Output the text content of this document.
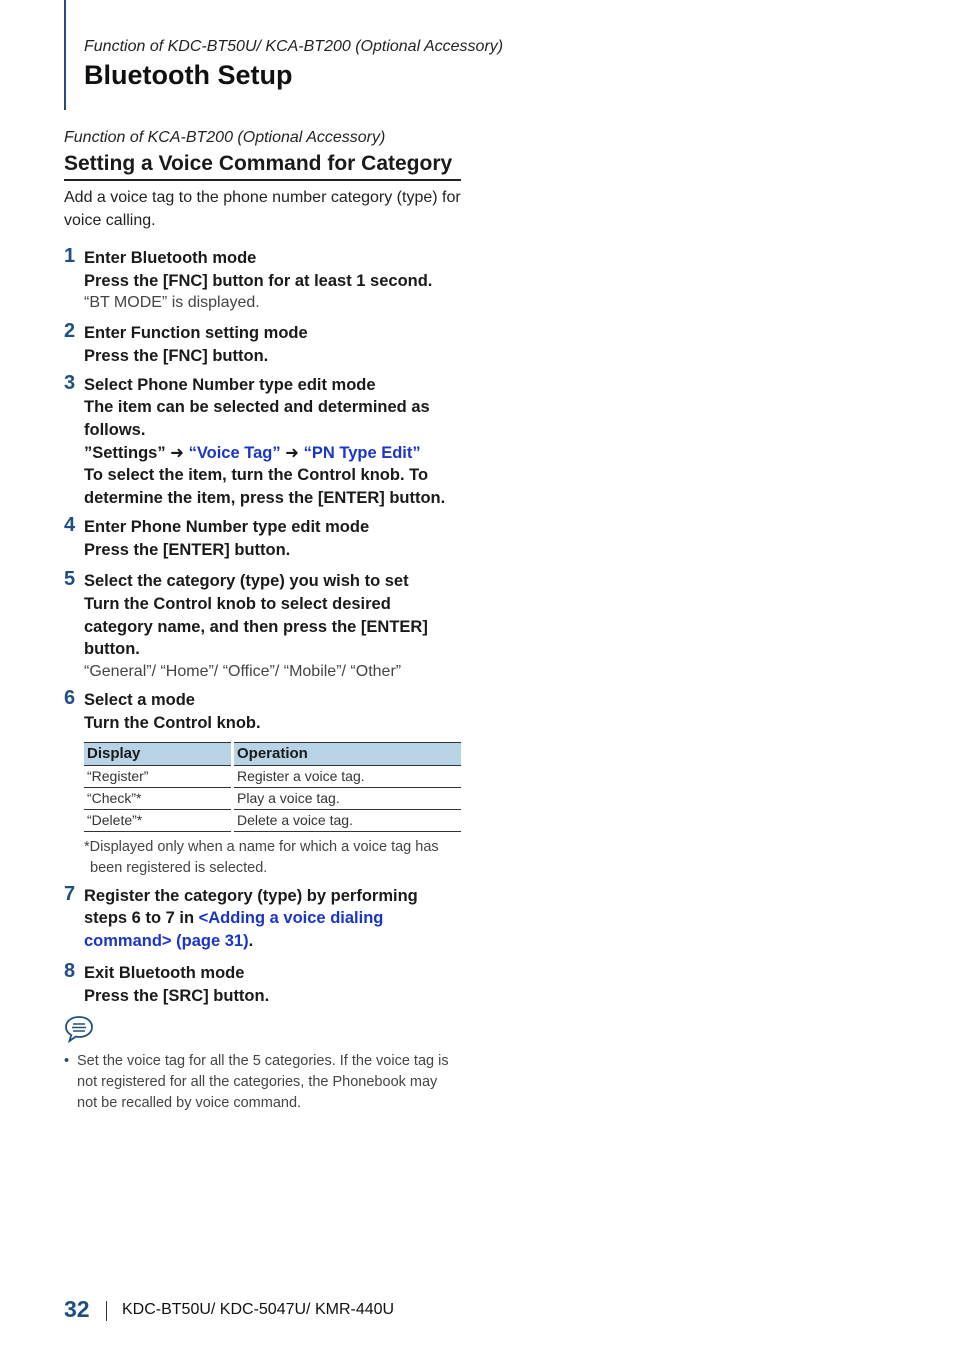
Function of KDC-BT50U/ KCA-BT200 (Optional Accessory)
Bluetooth Setup
Function of KCA-BT200 (Optional Accessory)
Setting a Voice Command for Category
Add a voice tag to the phone number category (type) for voice calling.
1 Enter Bluetooth mode
Press the [FNC] button for at least 1 second.
“BT MODE” is displayed.
2 Enter Function setting mode
Press the [FNC] button.
3 Select Phone Number type edit mode
The item can be selected and determined as follows.
”Settings” ➜ “Voice Tag” ➜ “PN Type Edit”
To select the item, turn the Control knob. To determine the item, press the [ENTER] button.
4 Enter Phone Number type edit mode
Press the [ENTER] button.
5 Select the category (type) you wish to set
Turn the Control knob to select desired category name, and then press the [ENTER] button.
“General”/ “Home”/ “Office”/ “Mobile”/ “Other”
6 Select a mode
Turn the Control knob.
Display	Operation
“Register”	Register a voice tag.
“Check”*	Play a voice tag.
“Delete”*	Delete a voice tag.
*Displayed only when a name for which a voice tag has been registered is selected.
7 Register the category (type) by performing steps 6 to 7 in <Adding a voice dialing command> (page 31).
8 Exit Bluetooth mode
Press the [SRC] button.
• Set the voice tag for all the 5 categories. If the voice tag is not registered for all the categories, the Phonebook may not be recalled by voice command.
32 KDC-BT50U/ KDC-5047U/ KMR-440U
